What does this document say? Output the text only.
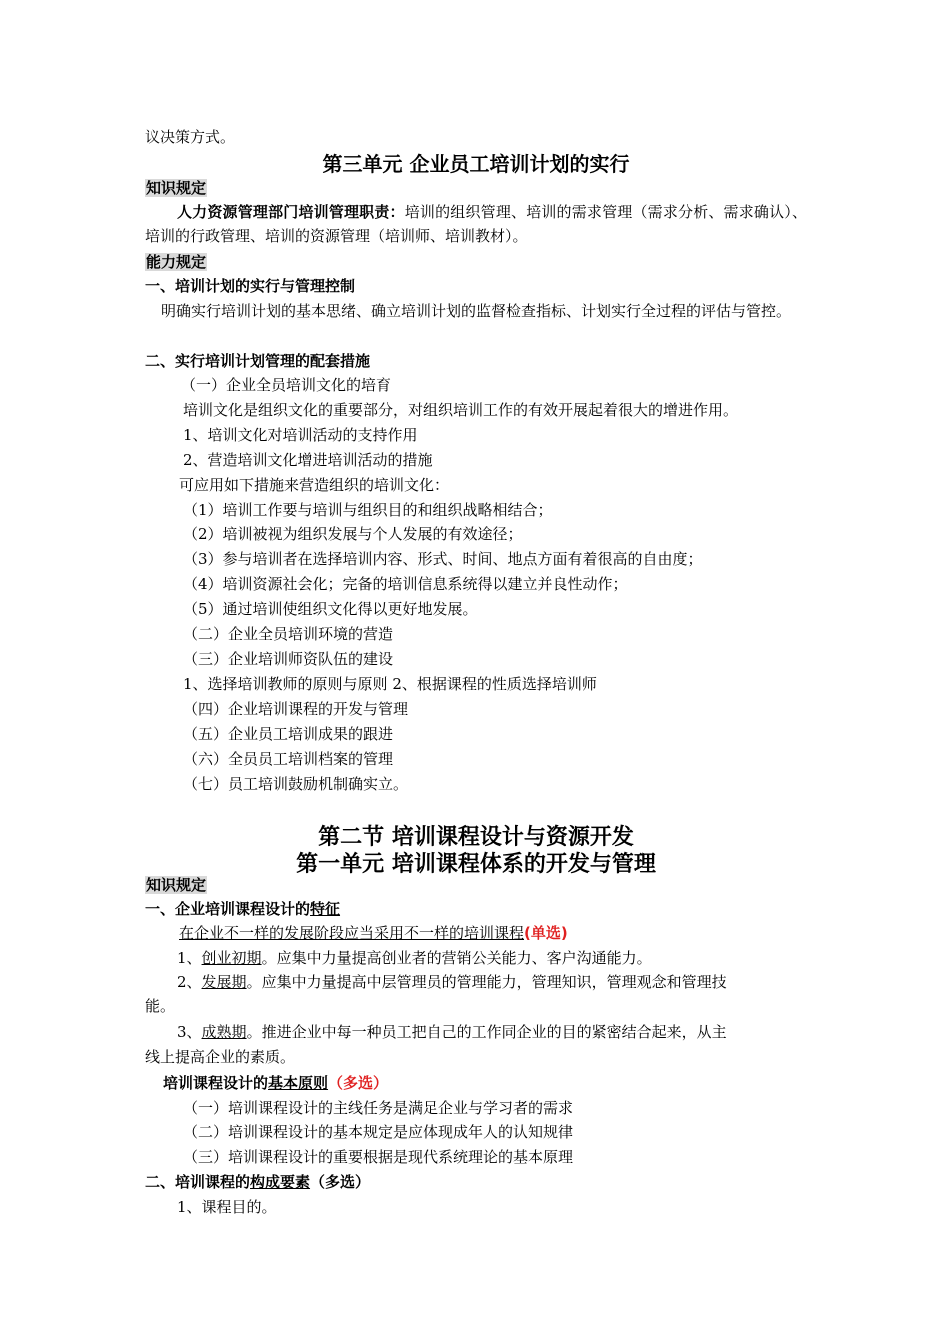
议决策方式。
第三单元 企业员工培训计划的实行
知识规定
人力资源管理部门培训管理职责：培训的组织管理、培训的需求管理（需求分析、需求确认）、培训的行政管理、培训的资源管理（培训师、培训教材）。
能力规定
一、培训计划的实行与管理控制
明确实行培训计划的基本思绪、确立培训计划的监督检查指标、计划实行全过程的评估与管控。
二、实行培训计划管理的配套措施
（一）企业全员培训文化的培育
培训文化是组织文化的重要部分，对组织培训工作的有效开展起着很大的增进作用。
1、培训文化对培训活动的支持作用
2、营造培训文化增进培训活动的措施
可应用如下措施来营造组织的培训文化：
（1）培训工作要与培训与组织目的和组织战略相结合；
（2）培训被视为组织发展与个人发展的有效途径；
（3）参与培训者在选择培训内容、形式、时间、地点方面有着很高的自由度；
（4）培训资源社会化；完备的培训信息系统得以建立并良性动作；
（5）通过培训使组织文化得以更好地发展。
（二）企业全员培训环境的营造
（三）企业培训师资队伍的建设
1、选择培训教师的原则与原则 2、根据课程的性质选择培训师
（四）企业培训课程的开发与管理
（五）企业员工培训成果的跟进
（六）全员员工培训档案的管理
（七）员工培训鼓励机制确实立。
第二节 培训课程设计与资源开发
第一单元 培训课程体系的开发与管理
知识规定
一、企业培训课程设计的特征
在企业不一样的发展阶段应当采用不一样的培训课程(单选)
1、创业初期。应集中力量提高创业者的营销公关能力、客户沟通能力。
2、发展期。应集中力量提高中层管理员的管理能力，管理知识，管理观念和管理技
能。
3、成熟期。推进企业中每一种员工把自己的工作同企业的目的紧密结合起来，从主
线上提高企业的素质。
培训课程设计的基本原则（多选）
（一）培训课程设计的主线任务是满足企业与学习者的需求
（二）培训课程设计的基本规定是应体现成年人的认知规律
（三）培训课程设计的重要根据是现代系统理论的基本原理
二、培训课程的构成要素（多选）
1、课程目的。
